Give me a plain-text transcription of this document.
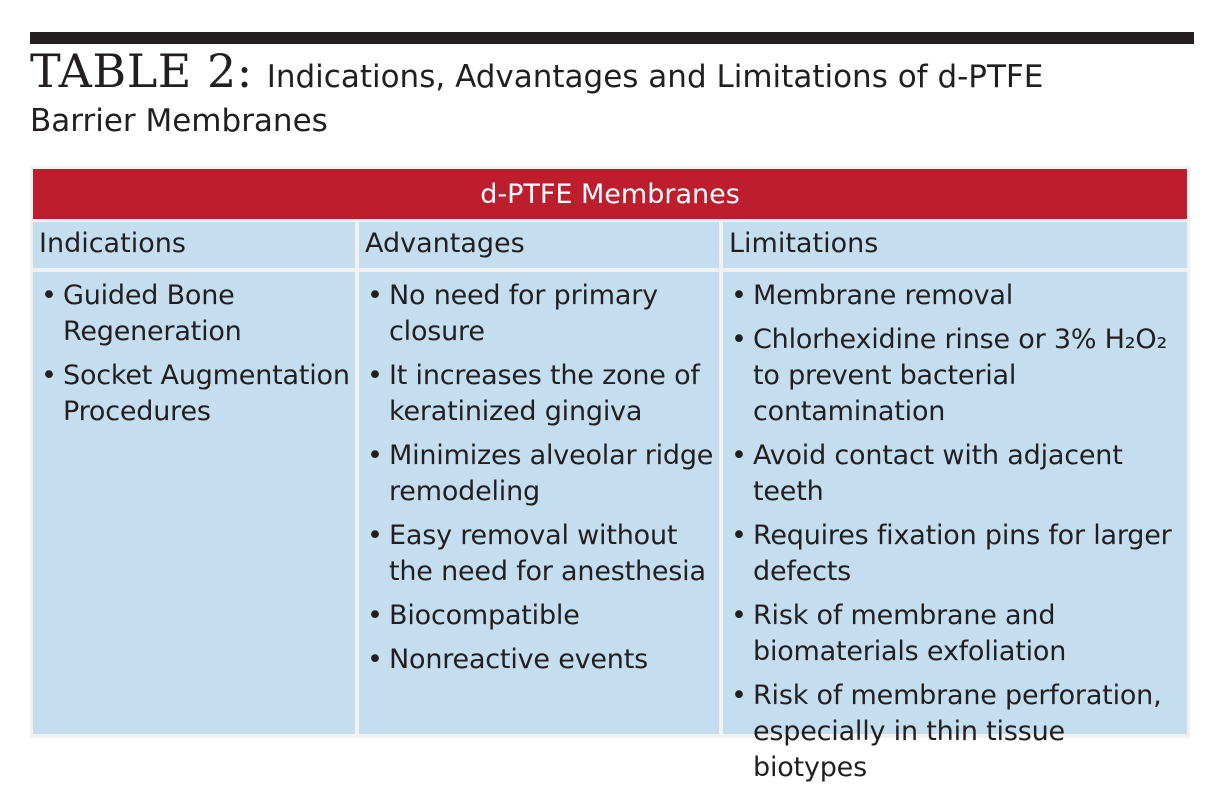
TABLE 2: Indications, Advantages and Limitations of d-PTFE
Barrier Membranes
d-PTFE Membranes
Indications	Advantages	Limitations
• Guided Bone Regeneration
• Socket Augmentation Procedures
• No need for primary closure
• It increases the zone of keratinized gingiva
• Minimizes alveolar ridge remodeling
• Easy removal without the need for anesthesia
• Biocompatible
• Nonreactive events
• Membrane removal
• Chlorhexidine rinse or 3% H₂O₂ to prevent bacterial contamination
• Avoid contact with adjacent teeth
• Requires fixation pins for larger defects
• Risk of membrane and biomaterials exfoliation
• Risk of membrane perforation, especially in thin tissue biotypes
